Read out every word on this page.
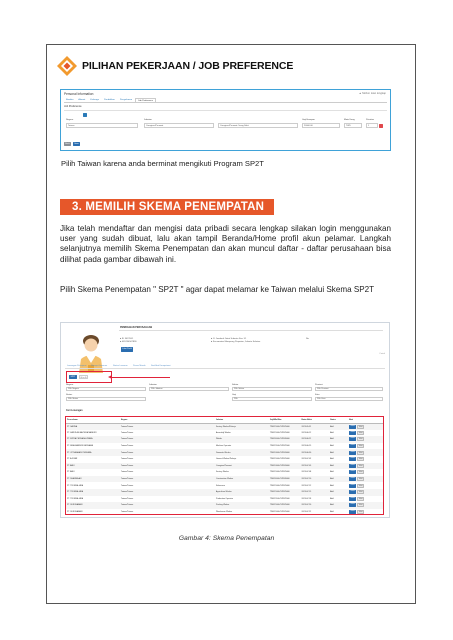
PILIHAN PEKERJAAN / JOB PREFERENCE
Personal Information	▲ Mohon isian lengkap
Biodata	Alamat	Keluarga	Pendidikan	Pengalaman	Job Preference
Job Preference
Negara	Jabatan	Gaji Harapan	Mata Uang	Prioritas
Taiwan	Caregiver/Perawat	Caregiver/Perawat Orang Sakit	20000.00	TWD	1
Back	Save
Pilih Taiwan karena anda berminat mengikuti Program SP2T
3. MEMILIH SKEMA PENEMPATAN
Jika telah mendaftar dan mengisi data pribadi secara lengkap silakan login menggunakan user yang sudah dibuat, lalu akan tampil Beranda/Home profil akun pelamar. Langkah selanjutnya memilih Skema Penempatan dan akan muncul daftar - daftar perusahaan bisa dilihat pada gambar dibawah ini.
Pilih Skema Penempatan " SP2T " agar dapat melamar ke Taiwan melalui Skema SP2T
PEMBAGIAN PERUSAHAAN
● ID 3427001
● 081234567890
Lihat Profil
● Jl. Jenderal Gatot Subroto Kav. 51
● Kecamatan Mampang Prapatan, Jakarta Selatan
No
Cetak
Lowongan Pekerjaan Riwayat Lamaran	Status Lamaran	Pesan Masuk	Sertifikat Kompetensi
SP2T	G to G
Negara
Pilih Negara
Jabatan
Pilih Jabatan
Sektor
Pilih Sektor
Provinsi
Pilih Provinsi
Status
Pilih Status
Gaji
Pilih
Kota
Pilih Kota
Cari Lowongan
Perusahaan	Negara	Jabatan	Gaji/Min/Max	Batas Akhir	Status	Aksi
PT. SAFINA	Taiwan/Taiwan	Factory Worker/Pekerja	TWD25000-TWD25000	2023-05-31	Aktif	LamarLihat
PT. KARYA SEJAHTERA MANDIRI	Taiwan/Taiwan	Assembly Worker	TWD25000-TWD25000	2023-06-12	Aktif	LamarLihat
PT. MITRA PERSADA UTAMA	Taiwan/Taiwan	Welder	TWD26000-TWD26000	2023-06-21	Aktif	LamarLihat
PT. BINA MANDIRI BERSAMA	Taiwan/Taiwan	Machine Operator	TWD25500-TWD25500	2023-06-25	Aktif	LamarLihat
PT. CITRA ABADI PERKASA	Taiwan/Taiwan	Domestic Worker	TWD20000-TWD20000	2023-06-30	Aktif	LamarLihat
PT. AJSTAR	Taiwan/Taiwan	General Worker/Pekerja	TWD25000-TWD25000	2023-07-02	Aktif	LamarLihat
PT. ABDI	Taiwan/Taiwan	Caregiver/Perawat	TWD20000-TWD20000	2023-07-05	Aktif	LamarLihat
PT. ABDI	Taiwan/Taiwan	Factory Worker	TWD25000-TWD25000	2023-07-08	Aktif	LamarLihat
PT. DHARMA AJI	Taiwan/Taiwan	Construction Worker	TWD26000-TWD26000	2023-07-10	Aktif	LamarLihat
PT. TRI BINA JAYA	Taiwan/Taiwan	Fisherman	TWD25000-TWD25000	2023-07-12	Aktif	LamarLihat
PT. TRI BINA JAYA	Taiwan/Taiwan	Agriculture Worker	TWD25000-TWD25000	2023-07-15	Aktif	LamarLihat
PT. TRI BINA JAYA	Taiwan/Taiwan	Production Operator	TWD25500-TWD25500	2023-07-18	Aktif	LamarLihat
PT. SURYA ABADI	Taiwan/Taiwan	Packing Worker	TWD25000-TWD25000	2023-07-20	Aktif	LamarLihat
PT. SURYA ABADI	Taiwan/Taiwan	Warehouse Worker	TWD25000-TWD25000	2023-07-22	Aktif	LamarLihat
Gambar 4: Skema Penempatan
